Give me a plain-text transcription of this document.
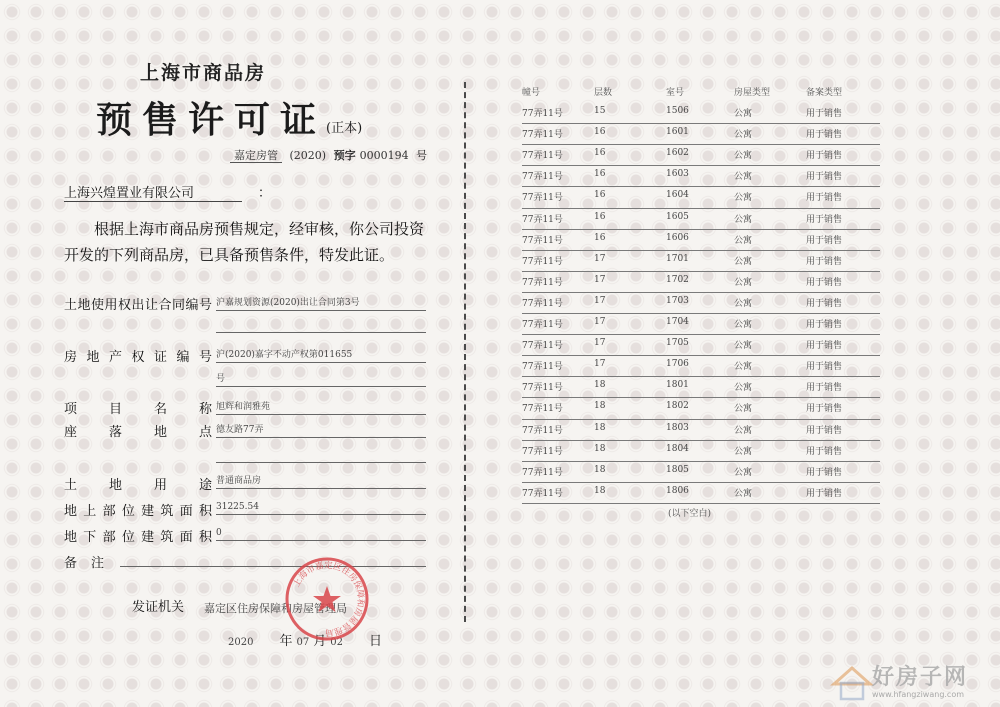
上海市商品房
预售许可证(正本)
嘉定房管 (2020) 预字 0000194 号
上海兴煌置业有限公司	：
根据上海市商品房预售规定，经审核，你公司投资开发的下列商品房，已具备预售条件，特发此证。
土地使用权出让合同编号 沪嘉规划资源(2020)出让合同第3号
房地产权证编号 沪(2020)嘉字不动产权第011655
号
项目名称 旭辉和润雅苑
座落地点 德友路77弄
土地用途 普通商品房
地上部位建筑面积 31225.54
地下部位建筑面积 0
备注
发证机关 嘉定区住房保障和房屋管理局
2020 年 07 月 02 日
上海市嘉定区住房保障和房屋管理局
幢号	层数	室号	房屋类型	备案类型
77弄11号	15	1506	公寓	用于销售
77弄11号	16	1601	公寓	用于销售
77弄11号	16	1602	公寓	用于销售
77弄11号	16	1603	公寓	用于销售
77弄11号	16	1604	公寓	用于销售
77弄11号	16	1605	公寓	用于销售
77弄11号	16	1606	公寓	用于销售
77弄11号	17	1701	公寓	用于销售
77弄11号	17	1702	公寓	用于销售
77弄11号	17	1703	公寓	用于销售
77弄11号	17	1704	公寓	用于销售
77弄11号	17	1705	公寓	用于销售
77弄11号	17	1706	公寓	用于销售
77弄11号	18	1801	公寓	用于销售
77弄11号	18	1802	公寓	用于销售
77弄11号	18	1803	公寓	用于销售
77弄11号	18	1804	公寓	用于销售
77弄11号	18	1805	公寓	用于销售
77弄11号	18	1806	公寓	用于销售
(以下空白)
好房子网
www.hfangziwang.com
